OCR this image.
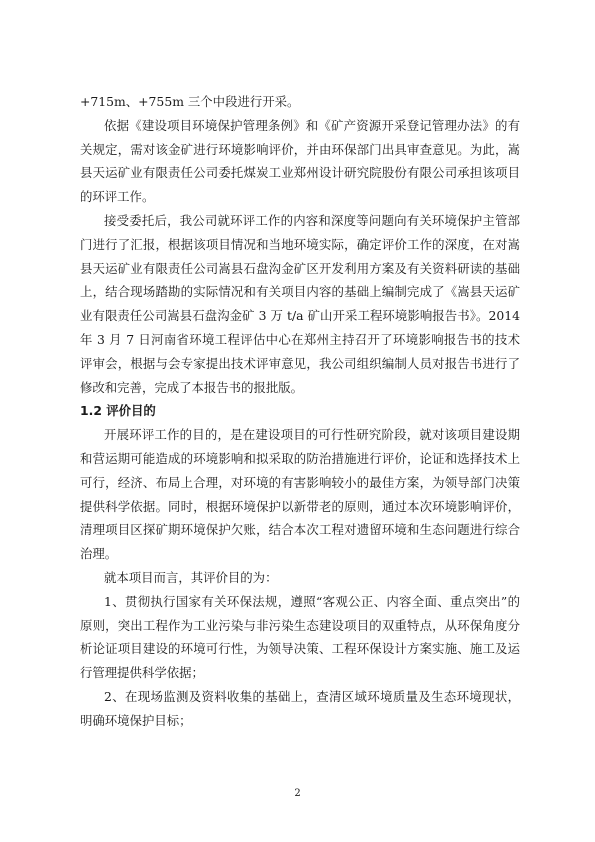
+715m、+755m 三个中段进行开采。

依据《建设项目环境保护管理条例》和《矿产资源开采登记管理办法》的有关规定，需对该金矿进行环境影响评价，并由环保部门出具审查意见。为此，嵩县天运矿业有限责任公司委托煤炭工业郑州设计研究院股份有限公司承担该项目的环评工作。

接受委托后，我公司就环评工作的内容和深度等问题向有关环境保护主管部门进行了汇报，根据该项目情况和当地环境实际，确定评价工作的深度，在对嵩县天运矿业有限责任公司嵩县石盘沟金矿区开发利用方案及有关资料研读的基础上，结合现场踏勘的实际情况和有关项目内容的基础上编制完成了《嵩县天运矿业有限责任公司嵩县石盘沟金矿 3 万 t/a 矿山开采工程环境影响报告书》。2014 年 3 月 7 日河南省环境工程评估中心在郑州主持召开了环境影响报告书的技术评审会，根据与会专家提出技术评审意见，我公司组织编制人员对报告书进行了修改和完善，完成了本报告书的报批版。

1.2 评价目的

开展环评工作的目的，是在建设项目的可行性研究阶段，就对该项目建设期和营运期可能造成的环境影响和拟采取的防治措施进行评价，论证和选择技术上可行，经济、布局上合理，对环境的有害影响较小的最佳方案，为领导部门决策提供科学依据。同时，根据环境保护以新带老的原则，通过本次环境影响评价，清理项目区探矿期环境保护欠账，结合本次工程对遗留环境和生态问题进行综合治理。

就本项目而言，其评价目的为：

1、贯彻执行国家有关环保法规，遵照“客观公正、内容全面、重点突出”的原则，突出工程作为工业污染与非污染生态建设项目的双重特点，从环保角度分析论证项目建设的环境可行性，为领导决策、工程环保设计方案实施、施工及运行管理提供科学依据；

2、在现场监测及资料收集的基础上，查清区域环境质量及生态环境现状，明确环境保护目标；

2
